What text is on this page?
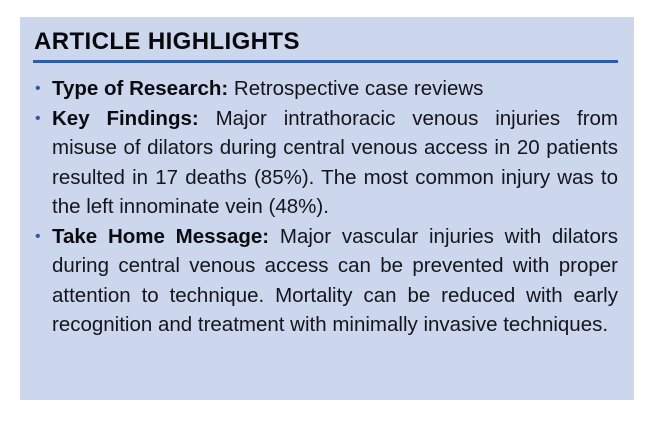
ARTICLE HIGHLIGHTS
• Type of Research: Retrospective case reviews
• Key Findings: Major intrathoracic venous injuries from misuse of dilators during central venous access in 20 patients resulted in 17 deaths (85%). The most common injury was to the left innominate vein (48%).
• Take Home Message: Major vascular injuries with dilators during central venous access can be prevented with proper attention to technique. Mortality can be reduced with early recognition and treatment with minimally invasive techniques.
